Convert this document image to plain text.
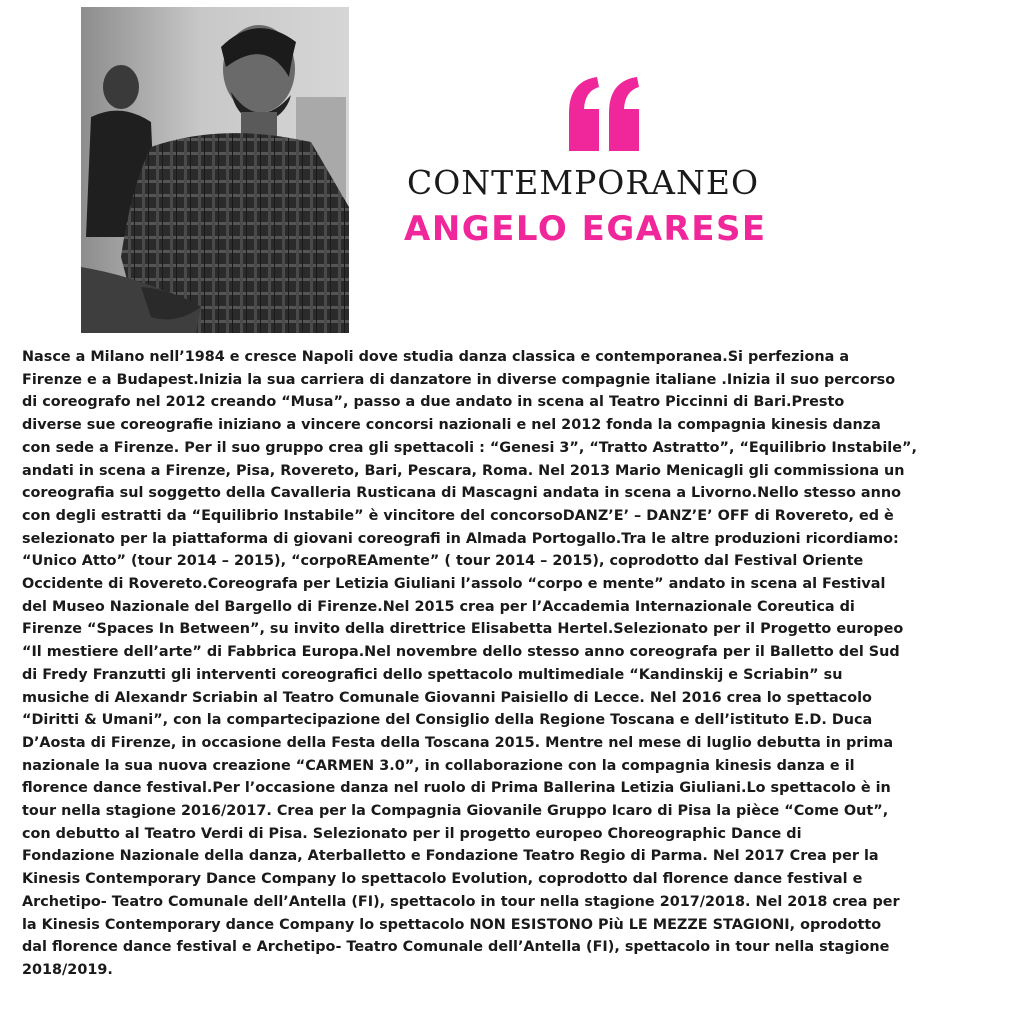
CONTEMPORANEO
ANGELO EGARESE
Nasce a Milano nell’1984 e cresce Napoli dove studia danza classica e contemporanea.Si perfeziona a
Firenze e a Budapest.Inizia la sua carriera di danzatore in diverse compagnie italiane .Inizia il suo percorso
di coreografo nel 2012 creando “Musa”, passo a due andato in scena al Teatro Piccinni di Bari.Presto
diverse sue coreografie iniziano a vincere concorsi nazionali e nel 2012 fonda la compagnia kinesis danza
con sede a Firenze. Per il suo gruppo crea gli spettacoli : “Genesi 3”, “Tratto Astratto”, “Equilibrio Instabile”,
andati in scena a Firenze, Pisa, Rovereto, Bari, Pescara, Roma. Nel 2013 Mario Menicagli gli commissiona un
coreografia sul soggetto della Cavalleria Rusticana di Mascagni andata in scena a Livorno.Nello stesso anno
con degli estratti da “Equilibrio Instabile” è vincitore del concorsoDANZ’E’ – DANZ’E’ OFF di Rovereto, ed è
selezionato per la piattaforma di giovani coreografi in Almada Portogallo.Tra le altre produzioni ricordiamo:
“Unico Atto” (tour 2014 – 2015), “corpoREAmente” ( tour 2014 – 2015), coprodotto dal Festival Oriente
Occidente di Rovereto.Coreografa per Letizia Giuliani l’assolo “corpo e mente” andato in scena al Festival
del Museo Nazionale del Bargello di Firenze.Nel 2015 crea per l’Accademia Internazionale Coreutica di
Firenze “Spaces In Between”, su invito della direttrice Elisabetta Hertel.Selezionato per il Progetto europeo
“Il mestiere dell’arte” di Fabbrica Europa.Nel novembre dello stesso anno coreografa per il Balletto del Sud
di Fredy Franzutti gli interventi coreografici dello spettacolo multimediale “Kandinskij e Scriabin” su
musiche di Alexandr Scriabin al Teatro Comunale Giovanni Paisiello di Lecce. Nel 2016 crea lo spettacolo
“Diritti & Umani”, con la compartecipazione del Consiglio della Regione Toscana e dell’istituto E.D. Duca
D’Aosta di Firenze, in occasione della Festa della Toscana 2015. Mentre nel mese di luglio debutta in prima
nazionale la sua nuova creazione “CARMEN 3.0”, in collaborazione con la compagnia kinesis danza e il
florence dance festival.Per l’occasione danza nel ruolo di Prima Ballerina Letizia Giuliani.Lo spettacolo è in
tour nella stagione 2016/2017. Crea per la Compagnia Giovanile Gruppo Icaro di Pisa la pièce “Come Out”,
con debutto al Teatro Verdi di Pisa. Selezionato per il progetto europeo Choreographic Dance di
Fondazione Nazionale della danza, Aterballetto e Fondazione Teatro Regio di Parma. Nel 2017 Crea per la
Kinesis Contemporary Dance Company lo spettacolo Evolution, coprodotto dal florence dance festival e
Archetipo- Teatro Comunale dell’Antella (FI), spettacolo in tour nella stagione 2017/2018. Nel 2018 crea per
la Kinesis Contemporary dance Company lo spettacolo NON ESISTONO Più LE MEZZE STAGIONI, oprodotto
dal florence dance festival e Archetipo- Teatro Comunale dell’Antella (FI), spettacolo in tour nella stagione
2018/2019.
